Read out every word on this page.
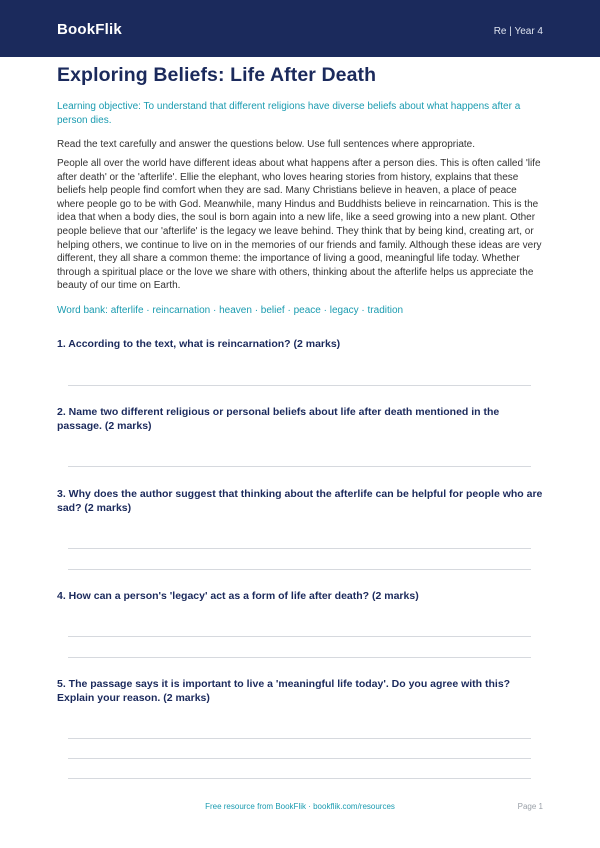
BookFlik	Re | Year 4
Exploring Beliefs: Life After Death
Learning objective: To understand that different religions have diverse beliefs about what happens after a person dies.
Read the text carefully and answer the questions below. Use full sentences where appropriate.

People all over the world have different ideas about what happens after a person dies. This is often called 'life after death' or the 'afterlife'. Ellie the elephant, who loves hearing stories from history, explains that these beliefs help people find comfort when they are sad. Many Christians believe in heaven, a place of peace where people go to be with God. Meanwhile, many Hindus and Buddhists believe in reincarnation. This is the idea that when a body dies, the soul is born again into a new life, like a seed growing into a new plant. Other people believe that our 'afterlife' is the legacy we leave behind. They think that by being kind, creating art, or helping others, we continue to live on in the memories of our friends and family. Although these ideas are very different, they all share a common theme: the importance of living a good, meaningful life today. Whether through a spiritual place or the love we share with others, thinking about the afterlife helps us appreciate the beauty of our time on Earth.

Word bank: afterlife · reincarnation · heaven · belief · peace · legacy · tradition
1. According to the text, what is reincarnation? (2 marks)
2. Name two different religious or personal beliefs about life after death mentioned in the passage. (2 marks)
3. Why does the author suggest that thinking about the afterlife can be helpful for people who are sad? (2 marks)
4. How can a person's 'legacy' act as a form of life after death? (2 marks)
5. The passage says it is important to live a 'meaningful life today'. Do you agree with this? Explain your reason. (2 marks)
Free resource from BookFlik · bookflik.com/resources	Page 1
